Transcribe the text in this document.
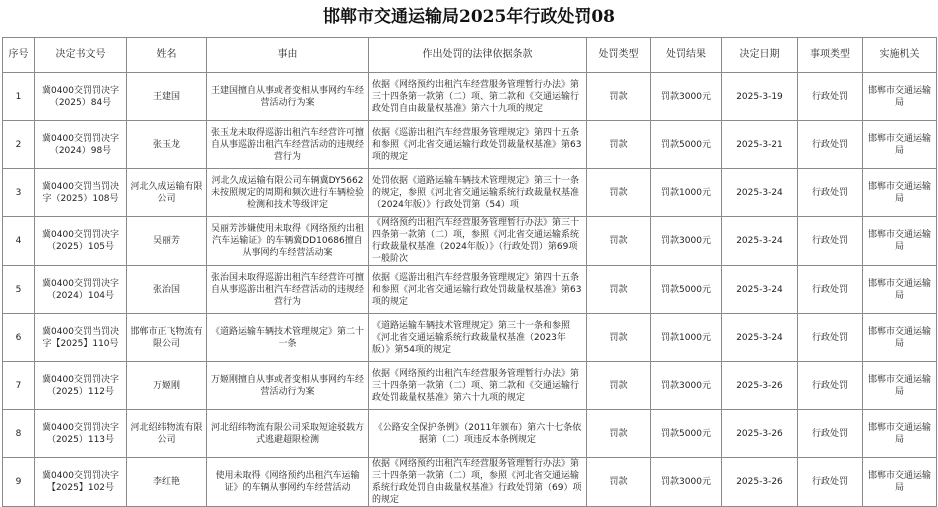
邯郸市交通运输局2025年行政处罚08
序号	决定书文号	姓名	事由	作出处罚的法律依据条款	处罚类型	处罚结果	决定日期	事项类型	实施机关
1	冀0400交罚罚决字（2025）84号	王建国	王建国擅自从事或者变相从事网约车经营活动行为案	依据《网络预约出租汽车经营服务管理暂行办法》第三十四条第一款第（二）项、第二款和《交通运输行政处罚自由裁量权基准》第六十九项的规定	罚款	罚款3000元	2025-3-19	行政处罚	邯郸市交通运输局
2	冀0400交罚罚决字（2024）98号	张玉龙	张玉龙未取得巡游出租汽车经营许可擅自从事巡游出租汽车经营活动的违规经营行为	依据《巡游出租汽车经营服务管理规定》第四十五条和参照《河北省交通运输行政处罚裁量权基准》第63项的规定	罚款	罚款5000元	2025-3-21	行政处罚	邯郸市交通运输局
3	冀0400交罚当罚决字（2025）108号	河北久成运输有限公司	河北久成运输有限公司车辆冀DY5662未按照规定的周期和频次进行车辆检验检测和技术等级评定	处罚依据《道路运输车辆技术管理规定》第三十一条的规定，参照《河北省交通运输系统行政裁量权基准（2024年版）》行政处罚第（54）项	罚款	罚款1000元	2025-3-24	行政处罚	邯郸市交通运输局
4	冀0400交罚罚决字（2025）105号	吴丽芳	吴丽芳涉嫌使用未取得《网络预约出租汽车运输证》的车辆冀DD10686擅自从事网约车经营活动案	《网络预约出租汽车经营服务管理暂行办法》第三十四条第一款第（二）项，参照《河北省交通运输系统行政裁量权基准（2024年版）》（行政处罚）第69项一般阶次	罚款	罚款3000元	2025-3-24	行政处罚	邯郸市交通运输局
5	冀0400交罚罚决字（2024）104号	张治国	张治国未取得巡游出租汽车经营许可擅自从事巡游出租汽车经营活动的违规经营行为	依据《巡游出租汽车经营服务管理规定》第四十五条和参照《河北省交通运输行政处罚裁量权基准》第63项的规定	罚款	罚款5000元	2025-3-24	行政处罚	邯郸市交通运输局
6	冀0400交罚当罚决字【2025】110号	邯郸市正飞物流有限公司	《道路运输车辆技术管理规定》第二十一条	《道路运输车辆技术管理规定》第三十一条和参照《河北省交通运输系统行政裁量权基准（2023年版）》第54项的规定	罚款	罚款1000元	2025-3-24	行政处罚	邯郸市交通运输局
7	冀0400交罚罚决字（2025）112号	万姬刚	万姬刚擅自从事或者变相从事网约车经营活动行为案	依据《网络预约出租汽车经营服务管理暂行办法》第三十四条第一款第（二）项、第二款和《交通运输行政处罚裁量权基准》第六十九项的规定	罚款	罚款3000元	2025-3-26	行政处罚	邯郸市交通运输局
8	冀0400交罚罚决字（2025）113号	河北绍纬物流有限公司	河北绍纬物流有限公司采取短途驳载方式逃避超限检测	《公路安全保护条例》（2011年颁布）第六十七条依据第（二）项违反本条例规定	罚款	罚款5000元	2025-3-26	行政处罚	邯郸市交通运输局
9	冀0400交罚罚决字【2025】102号	李红艳	使用未取得《网络预约出租汽车运输证》的车辆从事网约车经营活动	依据《网络预约出租汽车经营服务管理暂行办法》第三十四条第一款第（二）项，参照《河北省交通运输系统行政处罚自由裁量权基准》行政处罚第（69）项的规定	罚款	罚款3000元	2025-3-26	行政处罚	邯郸市交通运输局
